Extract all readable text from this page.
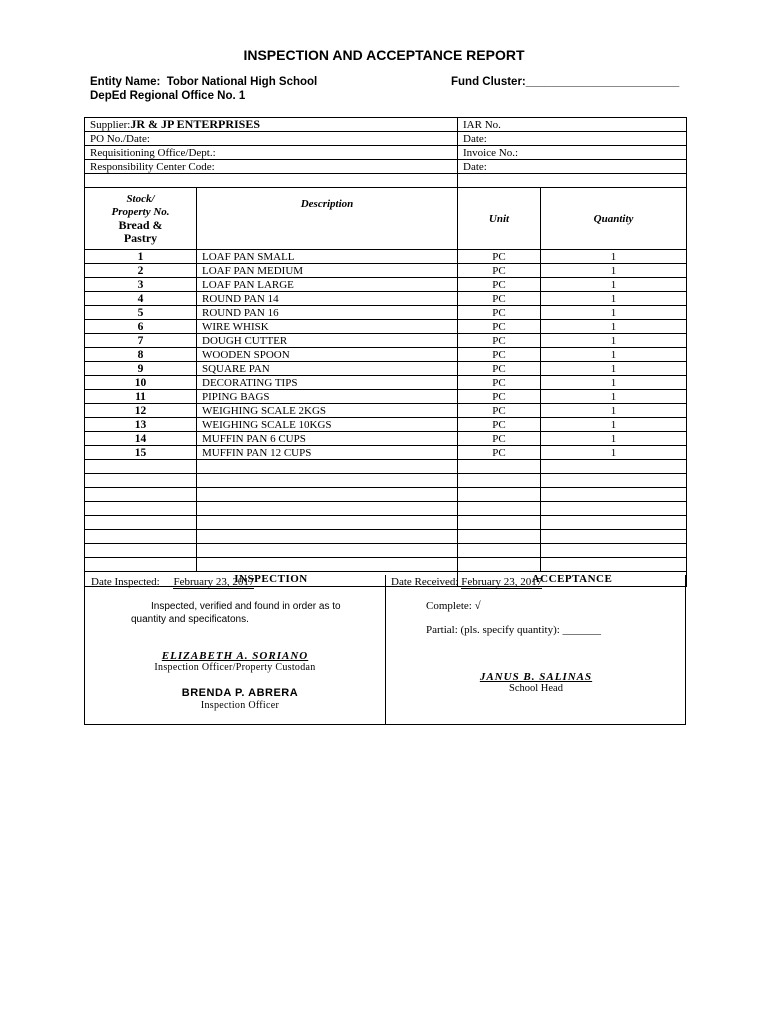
INSPECTION AND ACCEPTANCE REPORT
Entity Name: Tobor National High School	Fund Cluster:________________________
DepEd Regional Office No. 1
Supplier:JR & JP ENTERPRISES		IAR No.	
PO No./Date:		Date:	
Requisitioning Office/Dept.:		Invoice No.:	
Responsibility Center Code:		Date:	

Stock/
Property No.
Bread &
Pastry	Description	Unit	Quantity
1	LOAF PAN SMALL	PC	1
2	LOAF PAN MEDIUM	PC	1
3	LOAF PAN LARGE	PC	1
4	ROUND PAN 14	PC	1
5	ROUND PAN 16	PC	1
6	WIRE WHISK	PC	1
7	DOUGH CUTTER	PC	1
8	WOODEN SPOON	PC	1
9	SQUARE PAN	PC	1
10	DECORATING TIPS	PC	1
11	PIPING BAGS	PC	1
12	WEIGHING SCALE 2KGS	PC	1
13	WEIGHING SCALE 10KGS	PC	1
14	MUFFIN PAN 6 CUPS	PC	1
15	MUFFIN PAN 12 CUPS	PC	1

INSPECTION		ACCEPTANCE	
Date Inspected: __February 23, 2017
Inspected, verified and found in order as to
quantity and specificatons.
ELIZABETH A. SORIANO
Inspection Officer/Property Custodan
BRENDA P. ABRERA
Inspection Officer
Date Received: February 23, 2017
Complete: √
Partial: (pls. specify quantity): _______
JANUS B. SALINAS
School Head
